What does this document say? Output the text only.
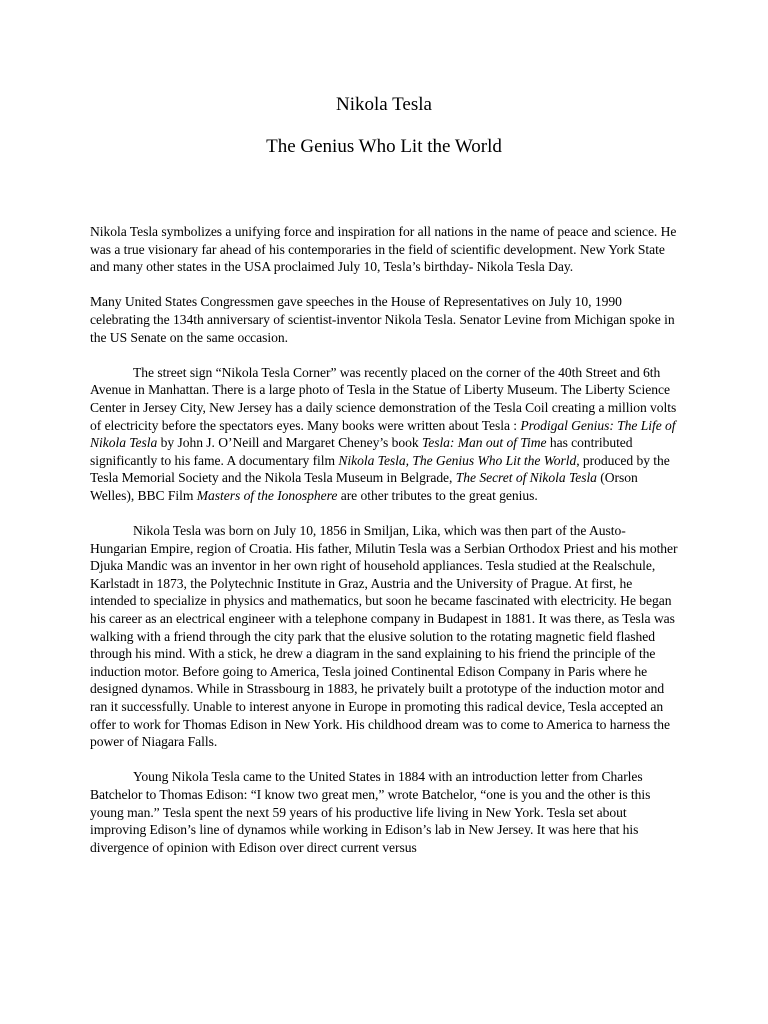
Nikola Tesla
The Genius Who Lit the World

Nikola Tesla symbolizes a unifying force and inspiration for all nations in the name of peace and science. He was a true visionary far ahead of his contemporaries in the field of scientific development. New York State and many other states in the USA proclaimed July 10, Tesla’s birthday- Nikola Tesla Day.

Many United States Congressmen gave speeches in the House of Representatives on July 10, 1990 celebrating the 134th anniversary of scientist-inventor Nikola Tesla. Senator Levine from Michigan spoke in the US Senate on the same occasion.

The street sign “Nikola Tesla Corner” was recently placed on the corner of the 40th Street and 6th Avenue in Manhattan. There is a large photo of Tesla in the Statue of Liberty Museum. The Liberty Science Center in Jersey City, New Jersey has a daily science demonstration of the Tesla Coil creating a million volts of electricity before the spectators eyes. Many books were written about Tesla : Prodigal Genius: The Life of Nikola Tesla by John J. O’Neill and Margaret Cheney’s book Tesla: Man out of Time has contributed significantly to his fame. A documentary film Nikola Tesla, The Genius Who Lit the World, produced by the Tesla Memorial Society and the Nikola Tesla Museum in Belgrade, The Secret of Nikola Tesla (Orson Welles), BBC Film Masters of the Ionosphere are other tributes to the great genius.

Nikola Tesla was born on July 10, 1856 in Smiljan, Lika, which was then part of the Austo-Hungarian Empire, region of Croatia. His father, Milutin Tesla was a Serbian Orthodox Priest and his mother Djuka Mandic was an inventor in her own right of household appliances. Tesla studied at the Realschule, Karlstadt in 1873, the Polytechnic Institute in Graz, Austria and the University of Prague. At first, he intended to specialize in physics and mathematics, but soon he became fascinated with electricity. He began his career as an electrical engineer with a telephone company in Budapest in 1881. It was there, as Tesla was walking with a friend through the city park that the elusive solution to the rotating magnetic field flashed through his mind. With a stick, he drew a diagram in the sand explaining to his friend the principle of the induction motor. Before going to America, Tesla joined Continental Edison Company in Paris where he designed dynamos. While in Strassbourg in 1883, he privately built a prototype of the induction motor and ran it successfully. Unable to interest anyone in Europe in promoting this radical device, Tesla accepted an offer to work for Thomas Edison in New York. His childhood dream was to come to America to harness the power of Niagara Falls.

Young Nikola Tesla came to the United States in 1884 with an introduction letter from Charles Batchelor to Thomas Edison: “I know two great men,” wrote Batchelor, “one is you and the other is this young man.” Tesla spent the next 59 years of his productive life living in New York. Tesla set about improving Edison’s line of dynamos while working in Edison’s lab in New Jersey. It was here that his divergence of opinion with Edison over direct current versus
